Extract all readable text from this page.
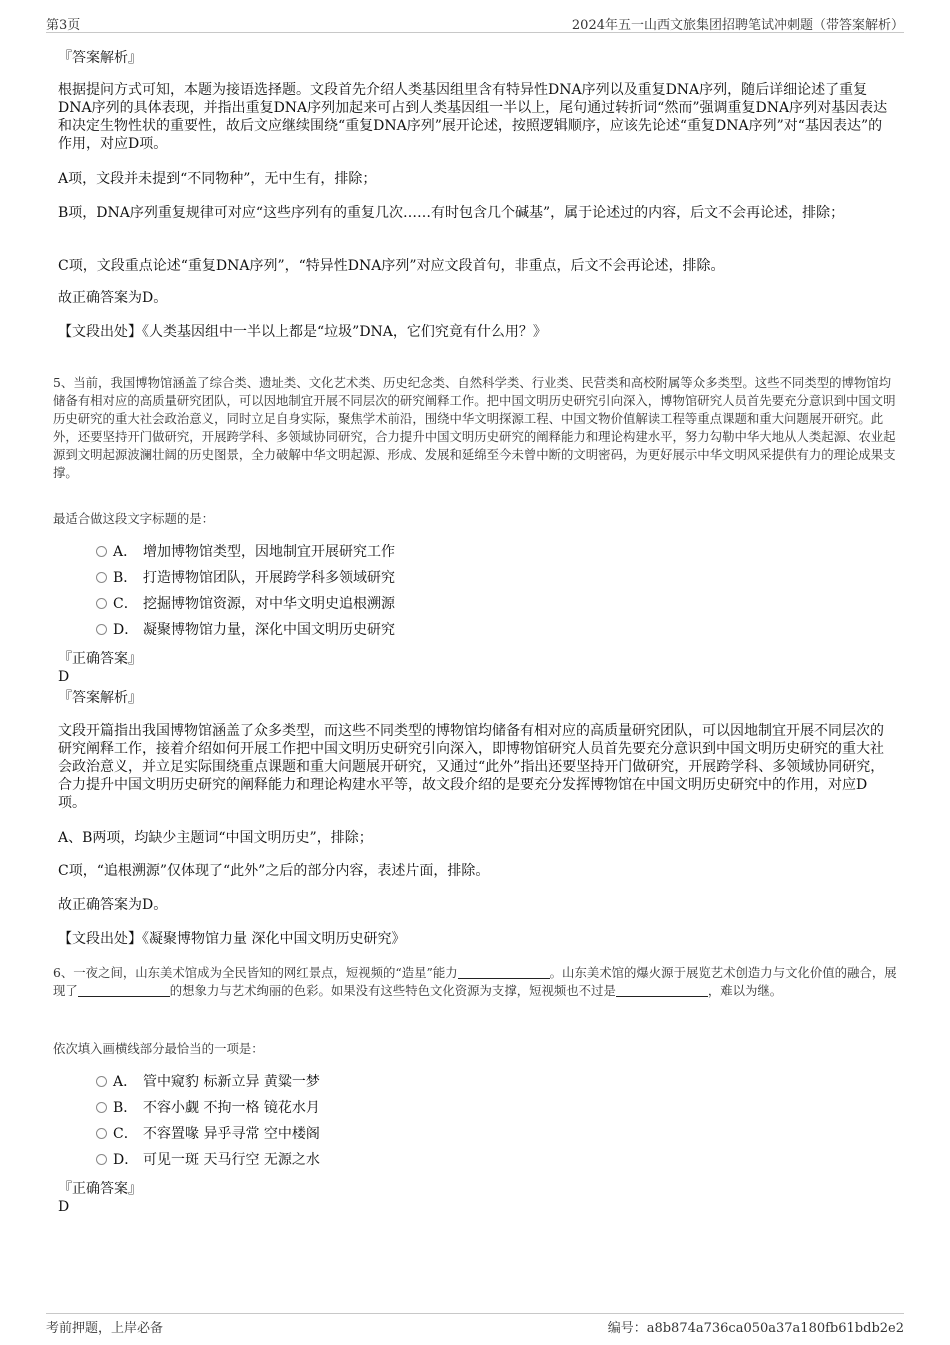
第3页	2024年五一山西文旅集团招聘笔试冲刺题（带答案解析）
『答案解析』

根据提问方式可知，本题为接语选择题。文段首先介绍人类基因组里含有特异性DNA序列以及重复DNA序列，随后详细论述了重复DNA序列的具体表现，并指出重复DNA序列加起来可占到人类基因组一半以上，尾句通过转折词“然而”强调重复DNA序列对基因表达和决定生物性状的重要性，故后文应继续围绕“重复DNA序列”展开论述，按照逻辑顺序，应该先论述“重复DNA序列”对“基因表达”的作用，对应D项。

A项，文段并未提到“不同物种”，无中生有，排除；

B项，DNA序列重复规律可对应“这些序列有的重复几次……有时包含几个碱基”，属于论述过的内容，后文不会再论述，排除；

C项，文段重点论述“重复DNA序列”，“特异性DNA序列”对应文段首句，非重点，后文不会再论述，排除。

故正确答案为D。

【文段出处】《人类基因组中一半以上都是“垃圾”DNA，它们究竟有什么用？》

5、当前，我国博物馆涵盖了综合类、遗址类、文化艺术类、历史纪念类、自然科学类、行业类、民营类和高校附属等众多类型。这些不同类型的博物馆均储备有相对应的高质量研究团队，可以因地制宜开展不同层次的研究阐释工作。把中国文明历史研究引向深入，博物馆研究人员首先要充分意识到中国文明历史研究的重大社会政治意义，同时立足自身实际，聚焦学术前沿，围绕中华文明探源工程、中国文物价值解读工程等重点课题和重大问题展开研究。此外，还要坚持开门做研究，开展跨学科、多领域协同研究，合力提升中国文明历史研究的阐释能力和理论构建水平，努力勾勒中华大地从人类起源、农业起源到文明起源波澜壮阔的历史图景，全力破解中华文明起源、形成、发展和延绵至今未曾中断的文明密码，为更好展示中华文明风采提供有力的理论成果支撑。

最适合做这段文字标题的是：

A． 增加博物馆类型，因地制宜开展研究工作
B． 打造博物馆团队，开展跨学科多领域研究
C． 挖掘博物馆资源，对中华文明史追根溯源
D． 凝聚博物馆力量，深化中国文明历史研究
『正确答案』
D
『答案解析』

文段开篇指出我国博物馆涵盖了众多类型，而这些不同类型的博物馆均储备有相对应的高质量研究团队，可以因地制宜开展不同层次的研究阐释工作，接着介绍如何开展工作把中国文明历史研究引向深入，即博物馆研究人员首先要充分意识到中国文明历史研究的重大社会政治意义，并立足实际围绕重点课题和重大问题展开研究，又通过“此外”指出还要坚持开门做研究，开展跨学科、多领域协同研究，合力提升中国文明历史研究的阐释能力和理论构建水平等，故文段介绍的是要充分发挥博物馆在中国文明历史研究中的作用，对应D项。

A、B两项，均缺少主题词“中国文明历史”，排除；

C项，“追根溯源”仅体现了“此外”之后的部分内容，表述片面，排除。

故正确答案为D。

【文段出处】《凝聚博物馆力量 深化中国文明历史研究》

6、一夜之间，山东美术馆成为全民皆知的网红景点，短视频的“造星”能力	。山东美术馆的爆火源于展览艺术创造力与文化价值的融合，展现了	的想象力与艺术绚丽的色彩。如果没有这些特色文化资源为支撑，短视频也不过是	，难以为继。

依次填入画横线部分最恰当的一项是：

A． 管中窥豹 标新立异 黄粱一梦
B． 不容小觑 不拘一格 镜花水月
C． 不容置喙 异乎寻常 空中楼阁
D． 可见一斑 天马行空 无源之水
『正确答案』
D
考前押题，上岸必备	编号：a8b874a736ca050a37a180fb61bdb2e2
